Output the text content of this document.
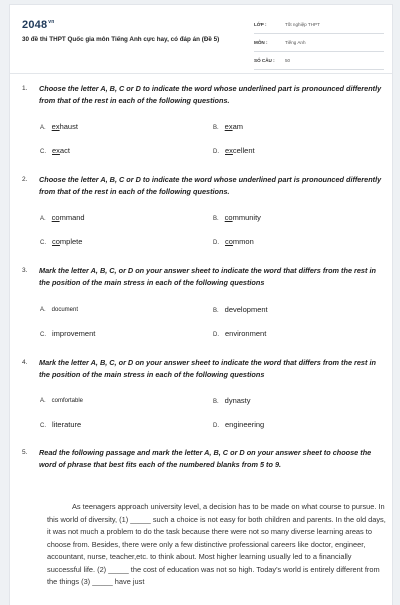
$2048^{vn}$
30 đề thi THPT Quốc gia môn Tiếng Anh cực hay, có đáp án (Đề 5)
LỚP :	Tốt nghiệp THPT
MÔN :	Tiếng Anh
SỐ CÂU : 50
1. Choose the letter A, B, C or D to indicate the word whose underlined part is pronounced differently from that of the rest in each of the following questions.
A. exhaust	B. exam
C. exact	D. excellent
2. Choose the letter A, B, C or D to indicate the word whose underlined part is pronounced differently from that of the rest in each of the following questions.
A. command	B. community
C. complete	D. common
3. Mark the letter A, B, C, or D on your answer sheet to indicate the word that differs from the rest in the position of the main stress in each of the following questions
A. document	B. development
C. improvement	D. environment
4. Mark the letter A, B, C, or D on your answer sheet to indicate the word that differs from the rest in the position of the main stress in each of the following questions
A. comfortable	B. dynasty
C. literature	D. engineering
5. Read the following passage and mark the letter A, B, C or D on your answer sheet to choose the word of phrase that best fits each of the numbered blanks from 5 to 9.

As teenagers approach university level, a decision has to be made on what course to pursue. In this world of diversity, (1) _____ such a choice is not easy for both children and parents. In the old days, it was not much a problem to do the task because there were not so many diverse learning areas to choose from. Besides, there were only a few distinctive professional careers like doctor, engineer, accountant, nurse, teacher,etc. to think about. Most higher learning usually led to a financially successful life. (2) _____ the cost of education was not so high. Today's world is entirely different from the things (3) _____ have just
